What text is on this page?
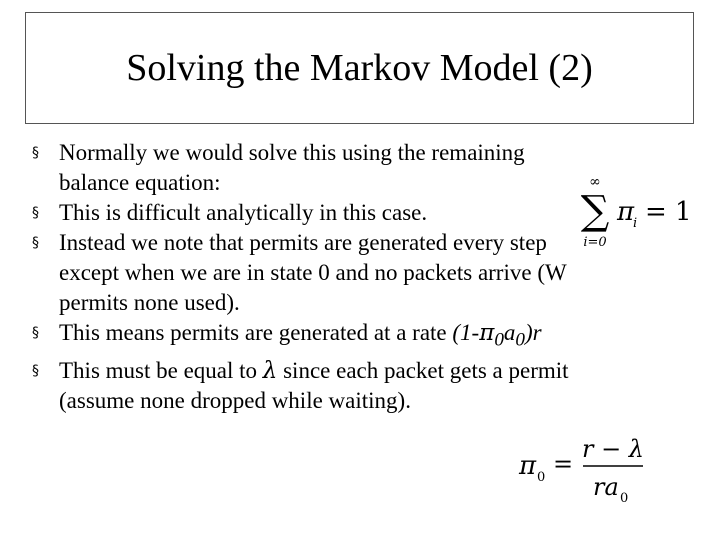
Solving the Markov Model (2)
§ Normally we would solve this using the remaining
balance equation:
§ This is difficult analytically in this case.
§ Instead we note that permits are generated every step
except when we are in state 0 and no packets arrive (W
permits none used).
§ This means permits are generated at a rate $(1-\pi_0a_0)r$
§ This must be equal to λ since each packet gets a permit
(assume none dropped while waiting).
∞
∑
i=0
π
i = 1
π 0 =
r − λ
ra 0
